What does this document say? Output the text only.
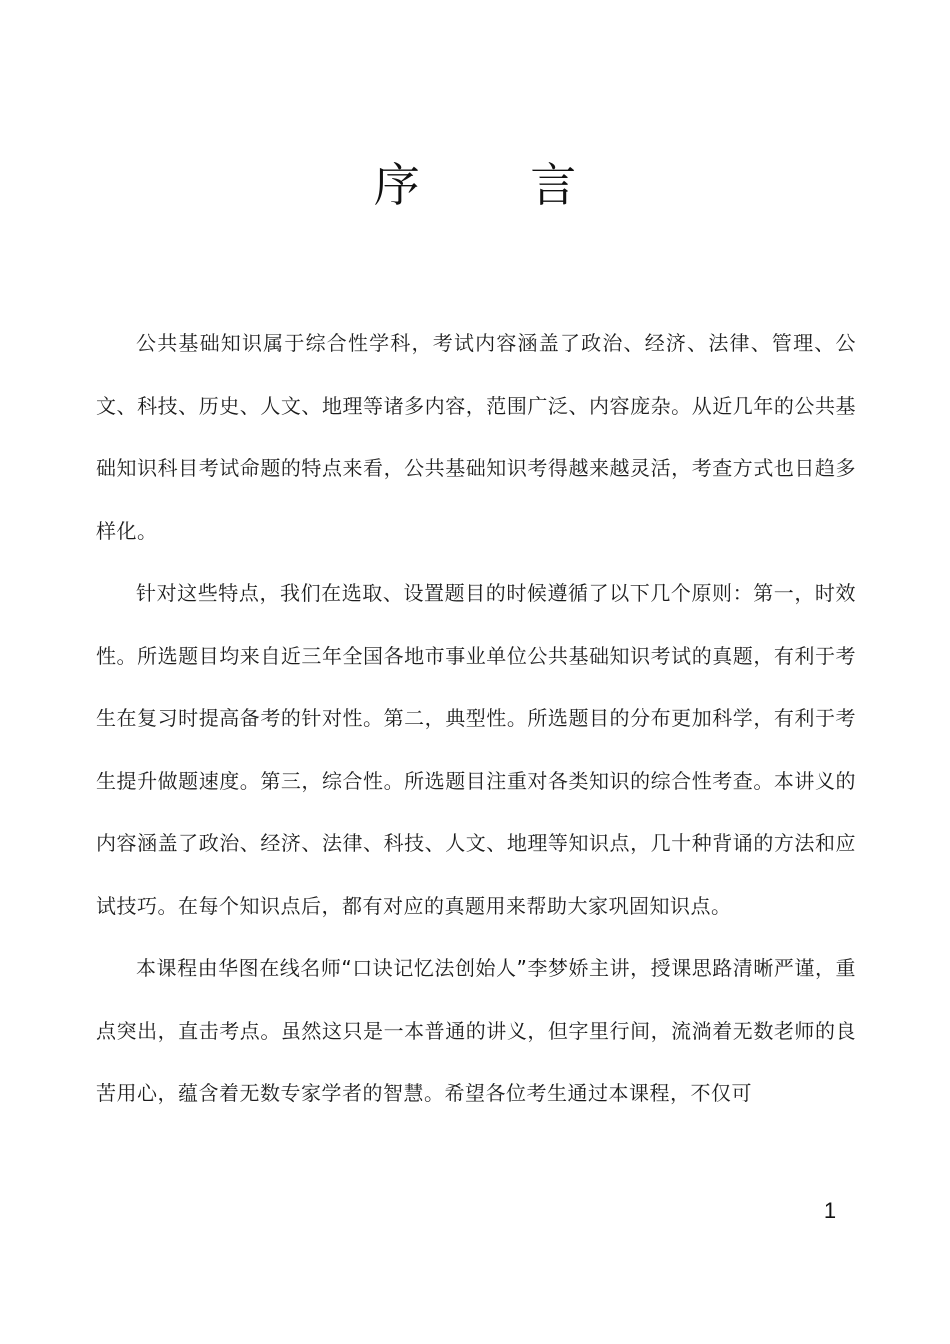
序 言

公共基础知识属于综合性学科，考试内容涵盖了政治、经济、法律、管理、公文、科技、历史、人文、地理等诸多内容，范围广泛、内容庞杂。从近几年的公共基础知识科目考试命题的特点来看，公共基础知识考得越来越灵活，考查方式也日趋多样化。

针对这些特点，我们在选取、设置题目的时候遵循了以下几个原则：第一，时效性。所选题目均来自近三年全国各地市事业单位公共基础知识考试的真题，有利于考生在复习时提高备考的针对性。第二，典型性。所选题目的分布更加科学，有利于考生提升做题速度。第三，综合性。所选题目注重对各类知识的综合性考查。本讲义的内容涵盖了政治、经济、法律、科技、人文、地理等知识点，几十种背诵的方法和应试技巧。在每个知识点后，都有对应的真题用来帮助大家巩固知识点。

本课程由华图在线名师“口诀记忆法创始人”李梦娇主讲，授课思路清晰严谨，重点突出，直击考点。虽然这只是一本普通的讲义，但字里行间，流淌着无数老师的良苦用心，蕴含着无数专家学者的智慧。希望各位考生通过本课程，不仅可

1
